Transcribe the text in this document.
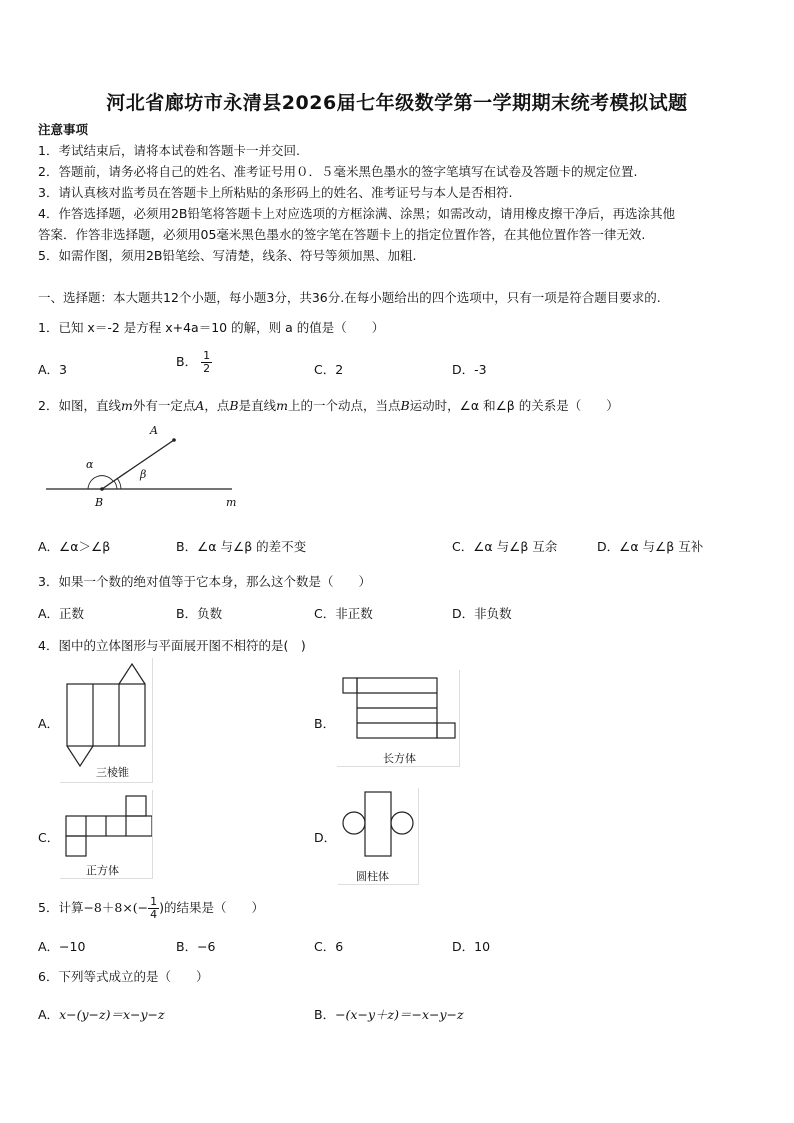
河北省廊坊市永清县2026届七年级数学第一学期期末统考模拟试题
注意事项
1．考试结束后，请将本试卷和答题卡一并交回.
2．答题前，请务必将自己的姓名、准考证号用０．５毫米黑色墨水的签字笔填写在试卷及答题卡的规定位置.
3．请认真核对监考员在答题卡上所粘贴的条形码上的姓名、准考证号与本人是否相符.
4．作答选择题，必须用2B铅笔将答题卡上对应选项的方框涂满、涂黑；如需改动，请用橡皮擦干净后，再选涂其他
答案．作答非选择题，必须用05毫米黑色墨水的签字笔在答题卡上的指定位置作答，在其他位置作答一律无效.
5．如需作图，须用2B铅笔绘、写清楚，线条、符号等须加黑、加粗.
一、选择题：本大题共12个小题，每小题3分，共36分.在每小题给出的四个选项中，只有一项是符合题目要求的.
1．已知 x＝-2 是方程 x+4a＝10 的解，则 a 的值是（　　）
A．3
B． $\frac{1}{2}$	C．2	D．-3
2．如图，直线m外有一定点A，点B是直线m上的一个动点，当点B运动时，∠α 和∠β 的关系是（　　）
A
α
β
B	m
A．∠α＞∠β	B．∠α 与∠β 的差不变	C．∠α 与∠β 互余	D．∠α 与∠β 互补
3．如果一个数的绝对值等于它本身，那么这个数是（　　）
A．正数	B．负数	C．非正数	D．非负数
4．图中的立体图形与平面展开图不相符的是(　)
A．
三棱锥
B．
长方体
C．
正方体
D．
圆柱体
5．计算$-8+8\times(- \frac{1}{4}$ )的结果是（　　）
A．−10	B．−6	C．6	D．10
6．下列等式成立的是（　　）
A．x−(y−z)＝x−y−z	B．−(x−y＋z)＝−x−y−z
